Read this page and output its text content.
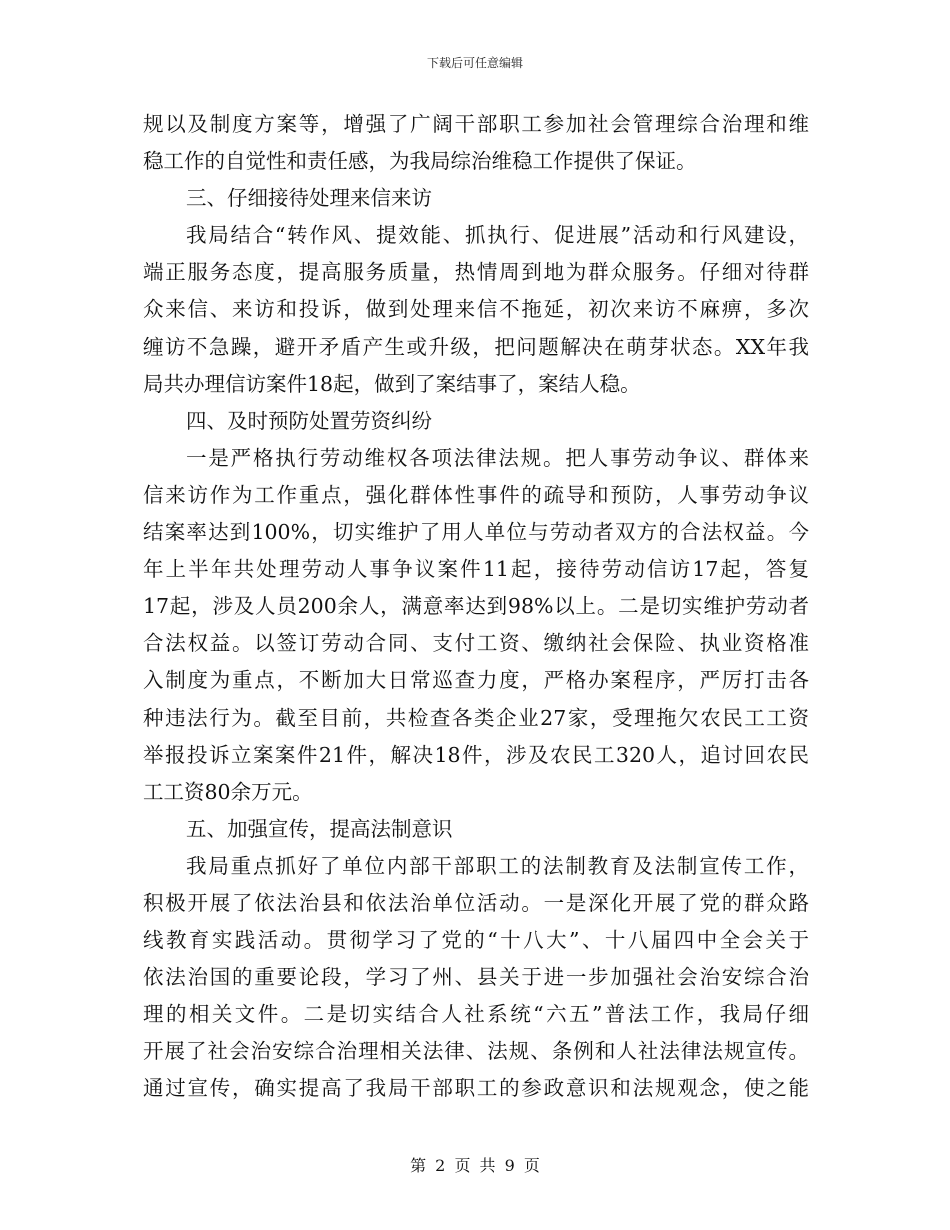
下载后可任意编辑
规以及制度方案等，增强了广阔干部职工参加社会管理综合治理和维
稳工作的自觉性和责任感，为我局综治维稳工作提供了保证。
三、仔细接待处理来信来访
我局结合“转作风、提效能、抓执行、促进展”活动和行风建设，
端正服务态度，提高服务质量，热情周到地为群众服务。仔细对待群
众来信、来访和投诉，做到处理来信不拖延，初次来访不麻痹，多次
缠访不急躁，避开矛盾产生或升级，把问题解决在萌芽状态。XX年我
局共办理信访案件18起，做到了案结事了，案结人稳。
四、及时预防处置劳资纠纷
一是严格执行劳动维权各项法律法规。把人事劳动争议、群体来
信来访作为工作重点，强化群体性事件的疏导和预防，人事劳动争议
结案率达到100%，切实维护了用人单位与劳动者双方的合法权益。今
年上半年共处理劳动人事争议案件11起，接待劳动信访17起，答复
17起，涉及人员200余人，满意率达到98%以上。二是切实维护劳动者
合法权益。以签订劳动合同、支付工资、缴纳社会保险、执业资格准
入制度为重点，不断加大日常巡查力度，严格办案程序，严厉打击各
种违法行为。截至目前，共检查各类企业27家，受理拖欠农民工工资
举报投诉立案案件21件，解决18件，涉及农民工320人，追讨回农民
工工资80余万元。
五、加强宣传，提高法制意识
我局重点抓好了单位内部干部职工的法制教育及法制宣传工作，
积极开展了依法治县和依法治单位活动。一是深化开展了党的群众路
线教育实践活动。贯彻学习了党的“十八大”、十八届四中全会关于
依法治国的重要论段，学习了州、县关于进一步加强社会治安综合治
理的相关文件。二是切实结合人社系统“六五”普法工作，我局仔细
开展了社会治安综合治理相关法律、法规、条例和人社法律法规宣传。
通过宣传，确实提高了我局干部职工的参政意识和法规观念，使之能
第 2 页 共 9 页
